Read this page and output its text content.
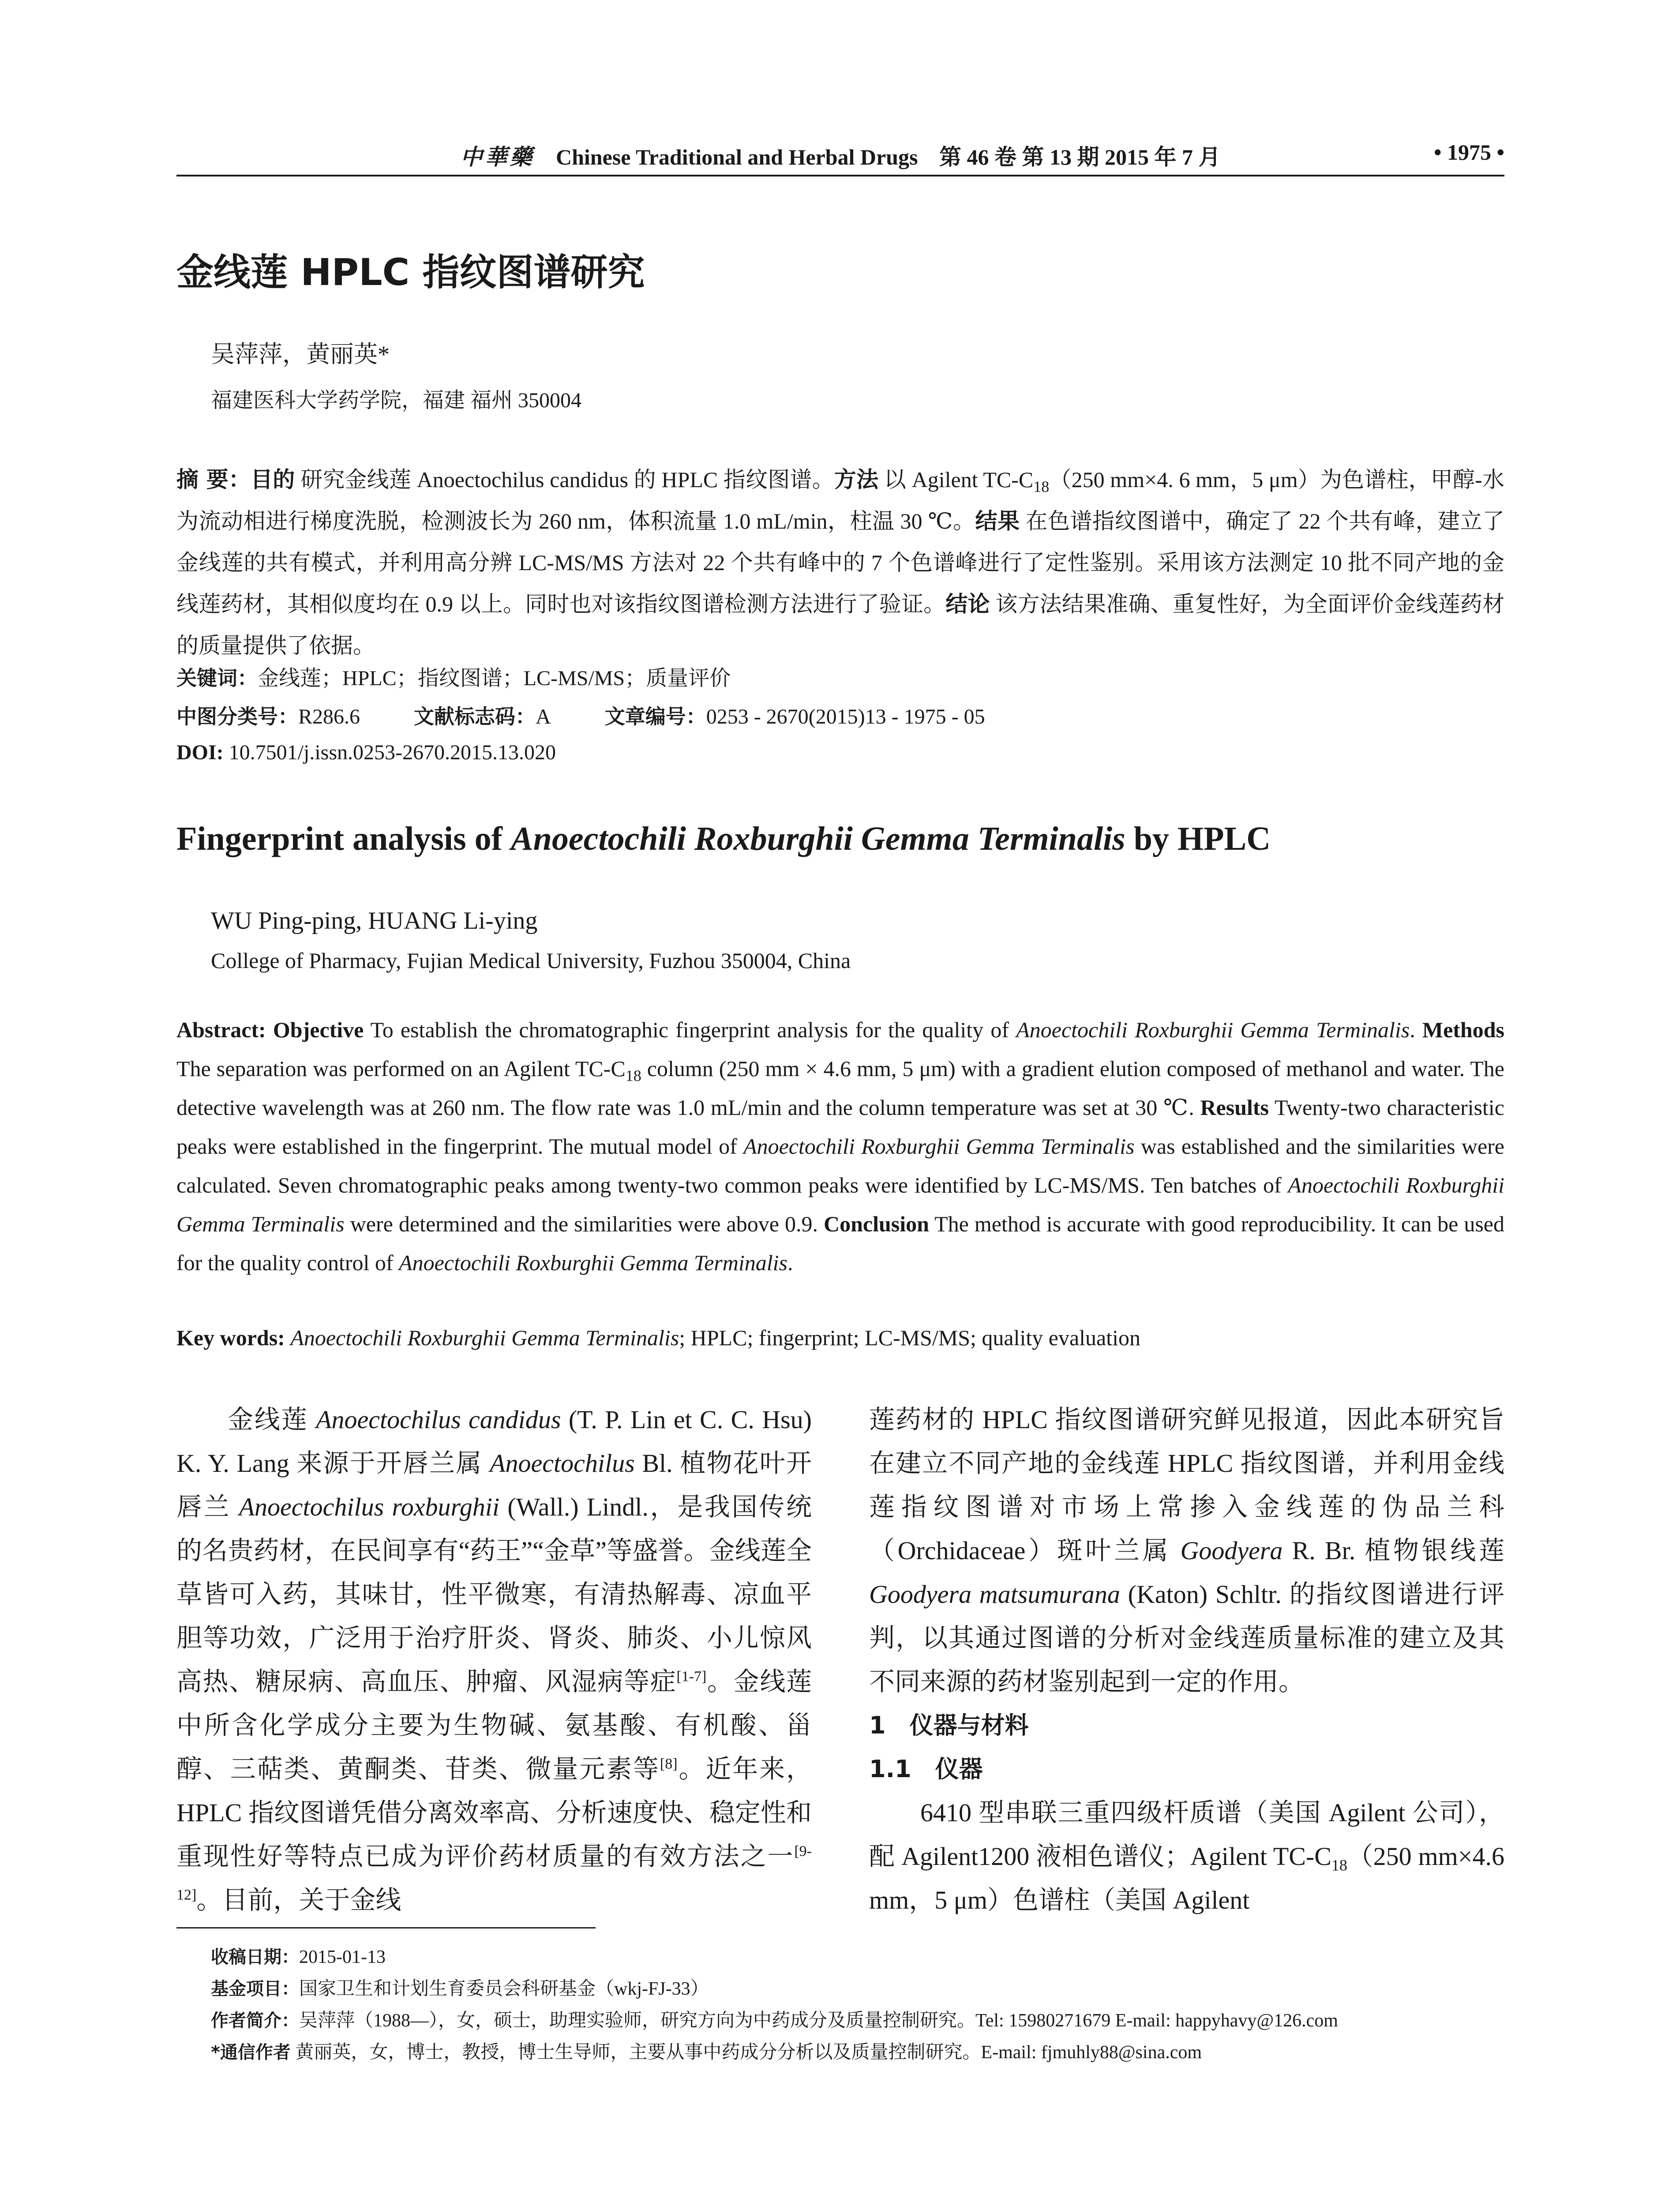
中華藥 Chinese Traditional and Herbal Drugs 第 46 卷 第 13 期 2015 年 7 月	• 1975 •
金线莲 HPLC 指纹图谱研究
吴萍萍，黄丽英*
福建医科大学药学院，福建 福州 350004
摘 要：目的 研究金线莲 Anoectochilus candidus 的 HPLC 指纹图谱。方法 以 Agilent $TC-C_{18}(250$ mm×4. 6 mm，5 μm）为色谱柱，甲醇-水为流动相进行梯度洗脱，检测波长为 260 nm，体积流量 1.0 mL/min，柱温 30 ℃。结果 在色谱指纹图谱中，确定了 22 个共有峰，建立了金线莲的共有模式，并利用高分辨 LC-MS/MS 方法对 22 个共有峰中的 7 个色谱峰进行了定性鉴别。采用该方法测定 10 批不同产地的金线莲药材，其相似度均在 0.9 以上。同时也对该指纹图谱检测方法进行了验证。结论 该方法结果准确、重复性好，为全面评价金线莲药材的质量提供了依据。
关键词：金线莲；HPLC；指纹图谱；LC-MS/MS；质量评价
中图分类号：R286.6	文献标志码：A	文章编号：0253 - 2670(2015)13 - 1975 - 05
DOI: 10.7501/j.issn.0253-2670.2015.13.020
Fingerprint analysis of Anoectochili Roxburghii Gemma Terminalis by HPLC
WU Ping-ping, HUANG Li-ying
College of Pharmacy, Fujian Medical University, Fuzhou 350004, China
Abstract: Objective To establish the chromatographic fingerprint analysis for the quality of Anoectochili Roxburghii Gemma Terminalis. Methods The separation was performed on an Agilent $TC-C_{18}$ column (250 mm × 4.6 mm, 5 μm) with a gradient elution composed of methanol and water. The detective wavelength was at 260 nm. The flow rate was 1.0 mL/min and the column temperature was set at 30 ℃. Results Twenty-two characteristic peaks were established in the fingerprint. The mutual model of Anoectochili Roxburghii Gemma Terminalis was established and the similarities were calculated. Seven chromatographic peaks among twenty-two common peaks were identified by LC-MS/MS. Ten batches of Anoectochili Roxburghii Gemma Terminalis were determined and the similarities were above 0.9. Conclusion The method is accurate with good reproducibility. It can be used for the quality control of Anoectochili Roxburghii Gemma Terminalis.
Key words: Anoectochili Roxburghii Gemma Terminalis; HPLC; fingerprint; LC-MS/MS; quality evaluation

金线莲 Anoectochilus candidus (T. P. Lin et C. C. Hsu) K. Y. Lang 来源于开唇兰属 Anoectochilus Bl. 植物花叶开唇兰 Anoectochilus roxburghii (Wall.) Lindl.，是我国传统的名贵药材，在民间享有“药王”“金草”等盛誉。金线莲全草皆可入药，其味甘，性平微寒，有清热解毒、凉血平胆等功效，广泛用于治疗肝炎、肾炎、肺炎、小儿惊风高热、糖尿病、高血压、肿瘤、风湿病等症[1-7]。金线莲中所含化学成分主要为生物碱、氨基酸、有机酸、甾醇、三萜类、黄酮类、苷类、微量元素等[8]。近年来，HPLC 指纹图谱凭借分离效率高、分析速度快、稳定性和重现性好等特点已成为评价药材质量的有效方法之一[9-12]。目前，关于金线

莲药材的 HPLC 指纹图谱研究鲜见报道，因此本研究旨在建立不同产地的金线莲 HPLC 指纹图谱，并利用金线莲指纹图谱对市场上常掺入金线莲的伪品兰科（Orchidaceae）斑叶兰属 Goodyera R. Br. 植物银线莲 Goodyera matsumurana (Katon) Schltr. 的指纹图谱进行评判，以其通过图谱的分析对金线莲质量标准的建立及其不同来源的药材鉴别起到一定的作用。

1　仪器与材料

1.1　仪器

6410 型串联三重四级杆质谱（美国 Agilent 公司），配 Agilent1200 液相色谱仪；Agilent $TC-C_{18}(250$ mm×4.6 mm，5 μm）色谱柱（美国 Agilent

收稿日期：2015-01-13
基金项目：国家卫生和计划生育委员会科研基金（wkj-FJ-33）
作者简介：吴萍萍（1988—），女，硕士，助理实验师，研究方向为中药成分及质量控制研究。Tel: 15980271679 E-mail: happyhavy@126.com
*通信作者 黄丽英，女，博士，教授，博士生导师，主要从事中药成分分析以及质量控制研究。E-mail: fjmuhly88@sina.com
